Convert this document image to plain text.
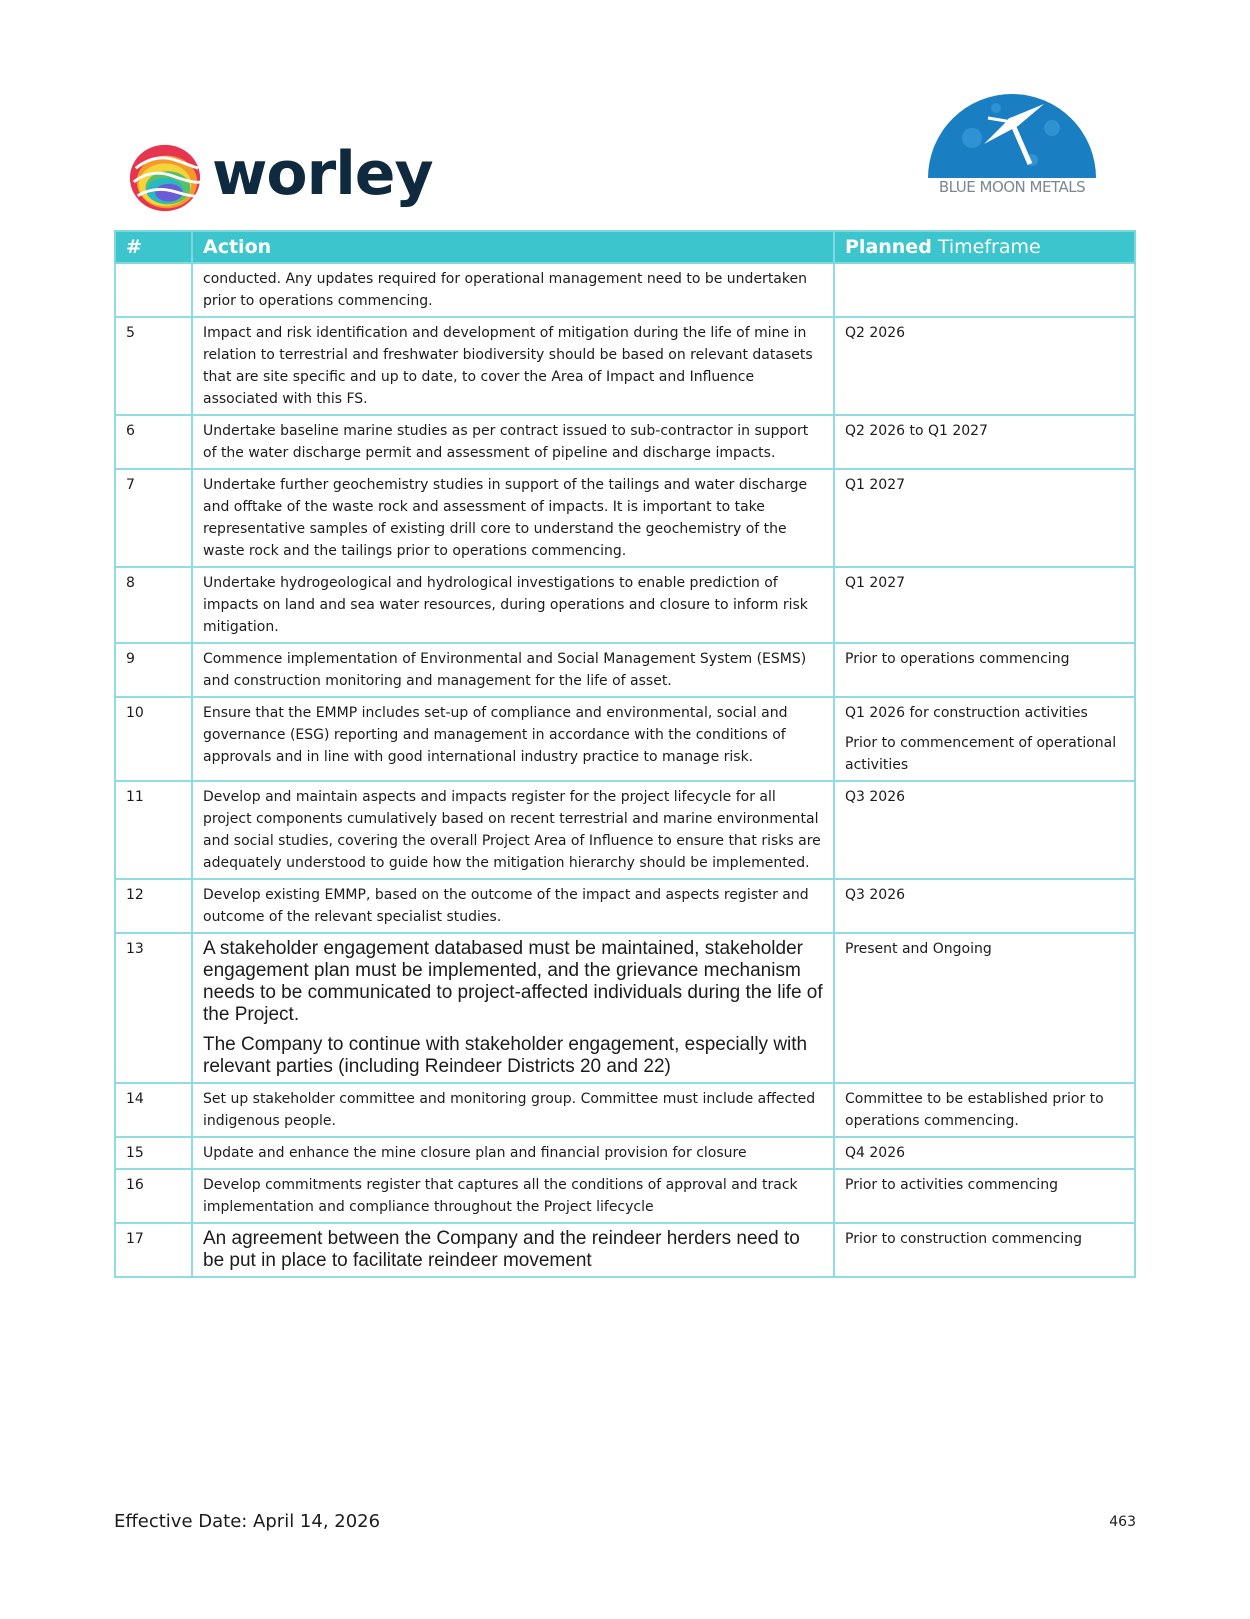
worley	BLUE MOON METALS
#	Action	Planned Timeframe

	conducted. Any updates required for operational management need to be undertaken prior to operations commencing.	

5	Impact and risk identification and development of mitigation during the life of mine in relation to terrestrial and freshwater biodiversity should be based on relevant datasets that are site specific and up to date, to cover the Area of Impact and Influence associated with this FS.	Q2 2026

6	Undertake baseline marine studies as per contract issued to sub-contractor in support of the water discharge permit and assessment of pipeline and discharge impacts.	Q2 2026 to Q1 2027

7	Undertake further geochemistry studies in support of the tailings and water discharge and offtake of the waste rock and assessment of impacts. It is important to take representative samples of existing drill core to understand the geochemistry of the waste rock and the tailings prior to operations commencing.	Q1 2027

8	Undertake hydrogeological and hydrological investigations to enable prediction of impacts on land and sea water resources, during operations and closure to inform risk mitigation.	Q1 2027

9	Commence implementation of Environmental and Social Management System (ESMS) and construction monitoring and management for the life of asset.	Prior to operations commencing

10	Ensure that the EMMP includes set-up of compliance and environmental, social and governance (ESG) reporting and management in accordance with the conditions of approvals and in line with good international industry practice to manage risk.	Q1 2026 for construction activities
Prior to commencement of operational activities

11	Develop and maintain aspects and impacts register for the project lifecycle for all project components cumulatively based on recent terrestrial and marine environmental and social studies, covering the overall Project Area of Influence to ensure that risks are adequately understood to guide how the mitigation hierarchy should be implemented.	Q3 2026

12	Develop existing EMMP, based on the outcome of the impact and aspects register and outcome of the relevant specialist studies.	Q3 2026

13	A stakeholder engagement databased must be maintained, stakeholder engagement plan must be implemented, and the grievance mechanism needs to be communicated to project-affected individuals during the life of the Project.
The Company to continue with stakeholder engagement, especially with relevant parties (including Reindeer Districts 20 and 22)	Present and Ongoing

14	Set up stakeholder committee and monitoring group. Committee must include affected indigenous people.	Committee to be established prior to operations commencing.

15	Update and enhance the mine closure plan and financial provision for closure	Q4 2026

16	Develop commitments register that captures all the conditions of approval and track implementation and compliance throughout the Project lifecycle	Prior to activities commencing

17	An agreement between the Company and the reindeer herders need to be put in place to facilitate reindeer movement	Prior to construction commencing
Effective Date: April 14, 2026	463
